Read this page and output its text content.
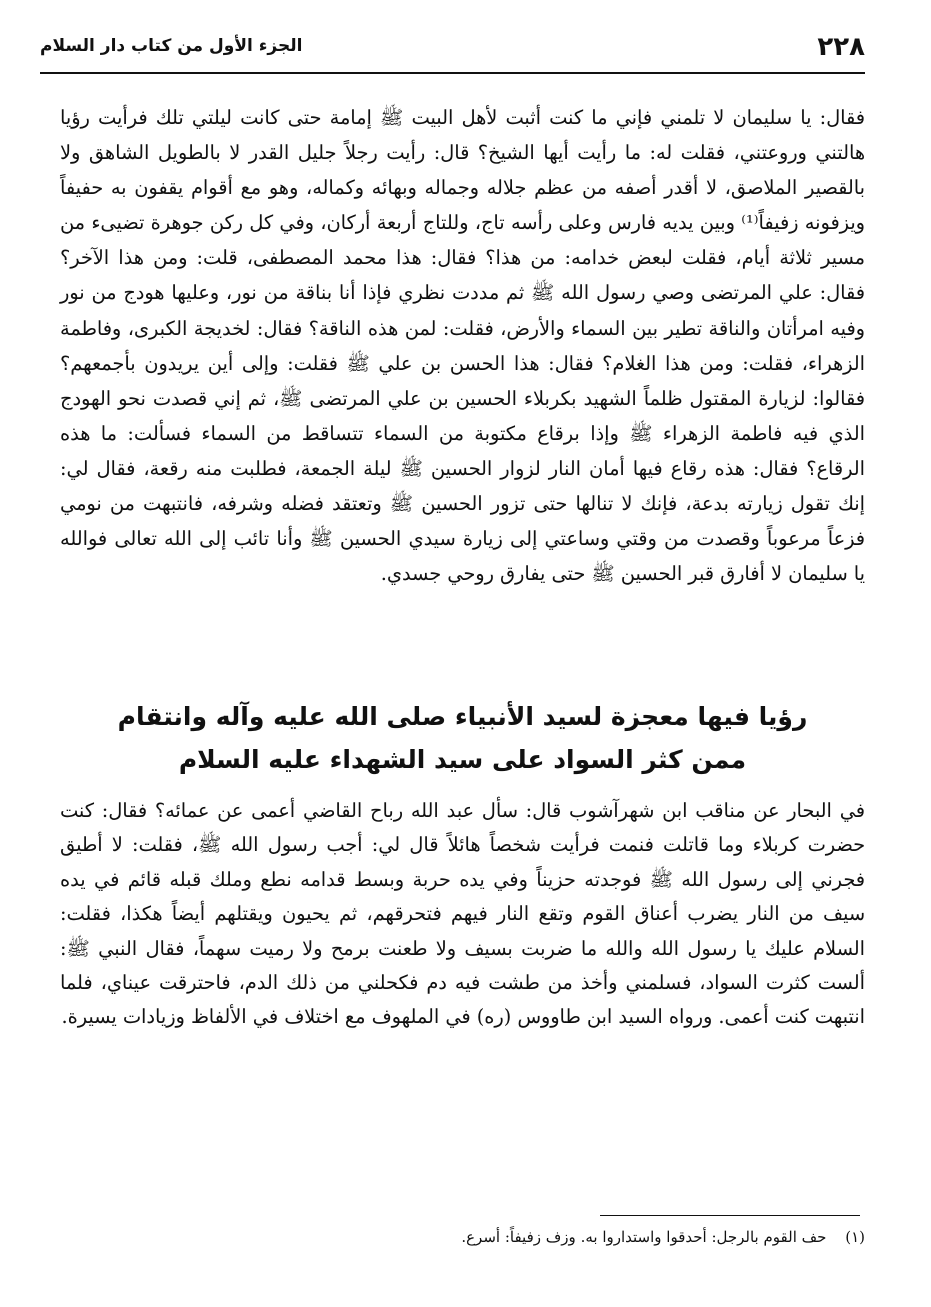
٢٢٨
الجزء الأول من كتاب دار السلام

فقال: يا سليمان لا تلمني فإني ما كنت أثبت لأهل البيت ﷺ إمامة حتى كانت ليلتي تلك فرأيت رؤيا هالتني وروعتني، فقلت له: ما رأيت أيها الشيخ؟ قال: رأيت رجلاً جليل القدر لا بالطويل الشاهق ولا بالقصير الملاصق، لا أقدر أصفه من عظم جلاله وجماله وبهائه وكماله، وهو مع أقوام يقفون به حفيفاً ويزفونه زفيفاً⁽¹⁾ وبين يديه فارس وعلى رأسه تاج، وللتاج أربعة أركان، وفي كل ركن جوهرة تضيىء من مسير ثلاثة أيام، فقلت لبعض خدامه: من هذا؟ فقال: هذا محمد المصطفى، قلت: ومن هذا الآخر؟ فقال: علي المرتضى وصي رسول الله ﷺ ثم مددت نظري فإذا أنا بناقة من نور، وعليها هودج من نور وفيه امرأتان والناقة تطير بين السماء والأرض، فقلت: لمن هذه الناقة؟ فقال: لخديجة الكبرى، وفاطمة الزهراء، فقلت: ومن هذا الغلام؟ فقال: هذا الحسن بن علي ﷺ فقلت: وإلى أين يريدون بأجمعهم؟ فقالوا: لزيارة المقتول ظلماً الشهيد بكربلاء الحسين بن علي المرتضى ﷺ، ثم إني قصدت نحو الهودج الذي فيه فاطمة الزهراء ﷺ وإذا برقاع مكتوبة من السماء تتساقط من السماء فسألت: ما هذه الرقاع؟ فقال: هذه رقاع فيها أمان النار لزوار الحسين ﷺ ليلة الجمعة، فطلبت منه رقعة، فقال لي: إنك تقول زيارته بدعة، فإنك لا تنالها حتى تزور الحسين ﷺ وتعتقد فضله وشرفه، فانتبهت من نومي فزعاً مرعوباً وقصدت من وقتي وساعتي إلى زيارة سيدي الحسين ﷺ وأنا تائب إلى الله تعالى فوالله يا سليمان لا أفارق قبر الحسين ﷺ حتى يفارق روحي جسدي.

رؤيا فيها معجزة لسيد الأنبياء صلى الله عليه وآله وانتقام
ممن كثر السواد على سيد الشهداء عليه السلام

في البحار عن مناقب ابن شهرآشوب قال: سأل عبد الله رباح القاضي أعمى عن عمائه؟ فقال: كنت حضرت كربلاء وما قاتلت فنمت فرأيت شخصاً هائلاً قال لي: أجب رسول الله ﷺ، فقلت: لا أطيق فجرني إلى رسول الله ﷺ فوجدته حزيناً وفي يده حربة وبسط قدامه نطع وملك قبله قائم في يده سيف من النار يضرب أعناق القوم وتقع النار فيهم فتحرقهم، ثم يحيون ويقتلهم أيضاً هكذا، فقلت: السلام عليك يا رسول الله والله ما ضربت بسيف ولا طعنت برمح ولا رميت سهماً، فقال النبي ﷺ: ألست كثرت السواد، فسلمني وأخذ من طشت فيه دم فكحلني من ذلك الدم، فاحترقت عيناي، فلما انتبهت كنت أعمى. ورواه السيد ابن طاووس (ره) في الملهوف مع اختلاف في الألفاظ وزيادات يسيرة.

(١) حف القوم بالرجل: أحدقوا واستداروا به. وزف زفيفاً: أسرع.
